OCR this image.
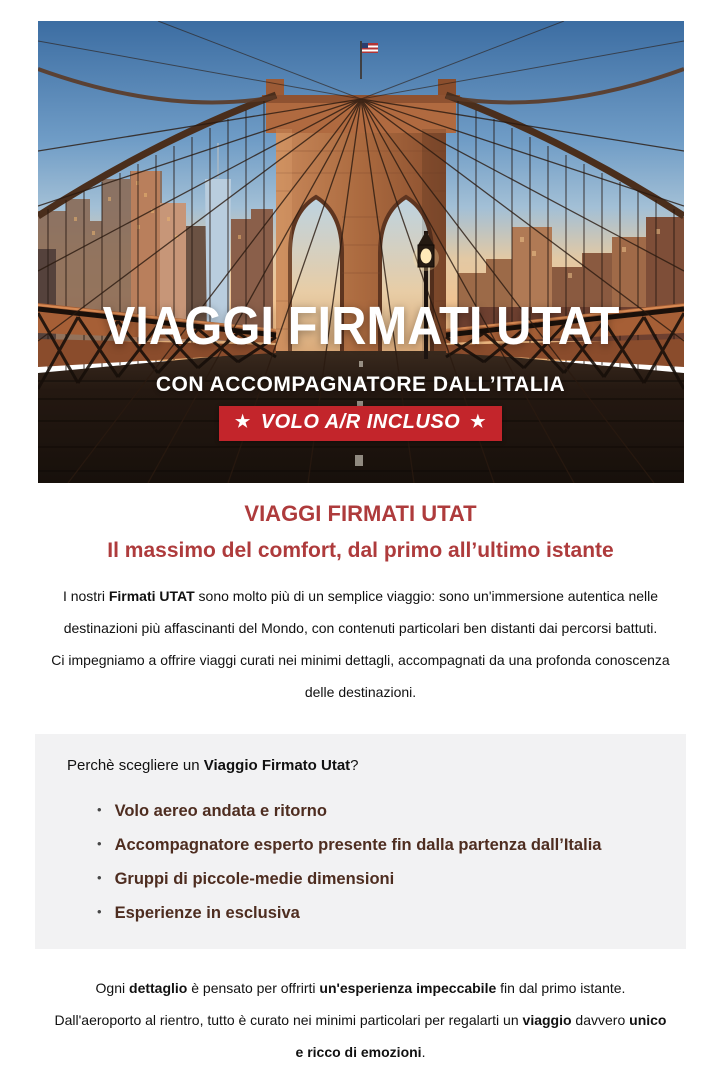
VIAGGI FIRMATI UTAT
CON ACCOMPAGNATORE DALL’ITALIA
★ VOLO A/R INCLUSO ★
VIAGGI FIRMATI UTAT
Il massimo del comfort, dal primo all’ultimo istante

I nostri Firmati UTAT sono molto più di un semplice viaggio: sono un'immersione autentica nelle
destinazioni più affascinanti del Mondo, con contenuti particolari ben distanti dai percorsi battuti.
Ci impegniamo a offrire viaggi curati nei minimi dettagli, accompagnati da una profonda conoscenza
delle destinazioni.

Perchè scegliere un Viaggio Firmato Utat?
• Volo aereo andata e ritorno
• Accompagnatore esperto presente fin dalla partenza dall’Italia
• Gruppi di piccole-medie dimensioni
• Esperienze in esclusiva

Ogni dettaglio è pensato per offrirti un'esperienza impeccabile fin dal primo istante.
Dall'aeroporto al rientro, tutto è curato nei minimi particolari per regalarti un viaggio davvero unico
e ricco di emozioni.
